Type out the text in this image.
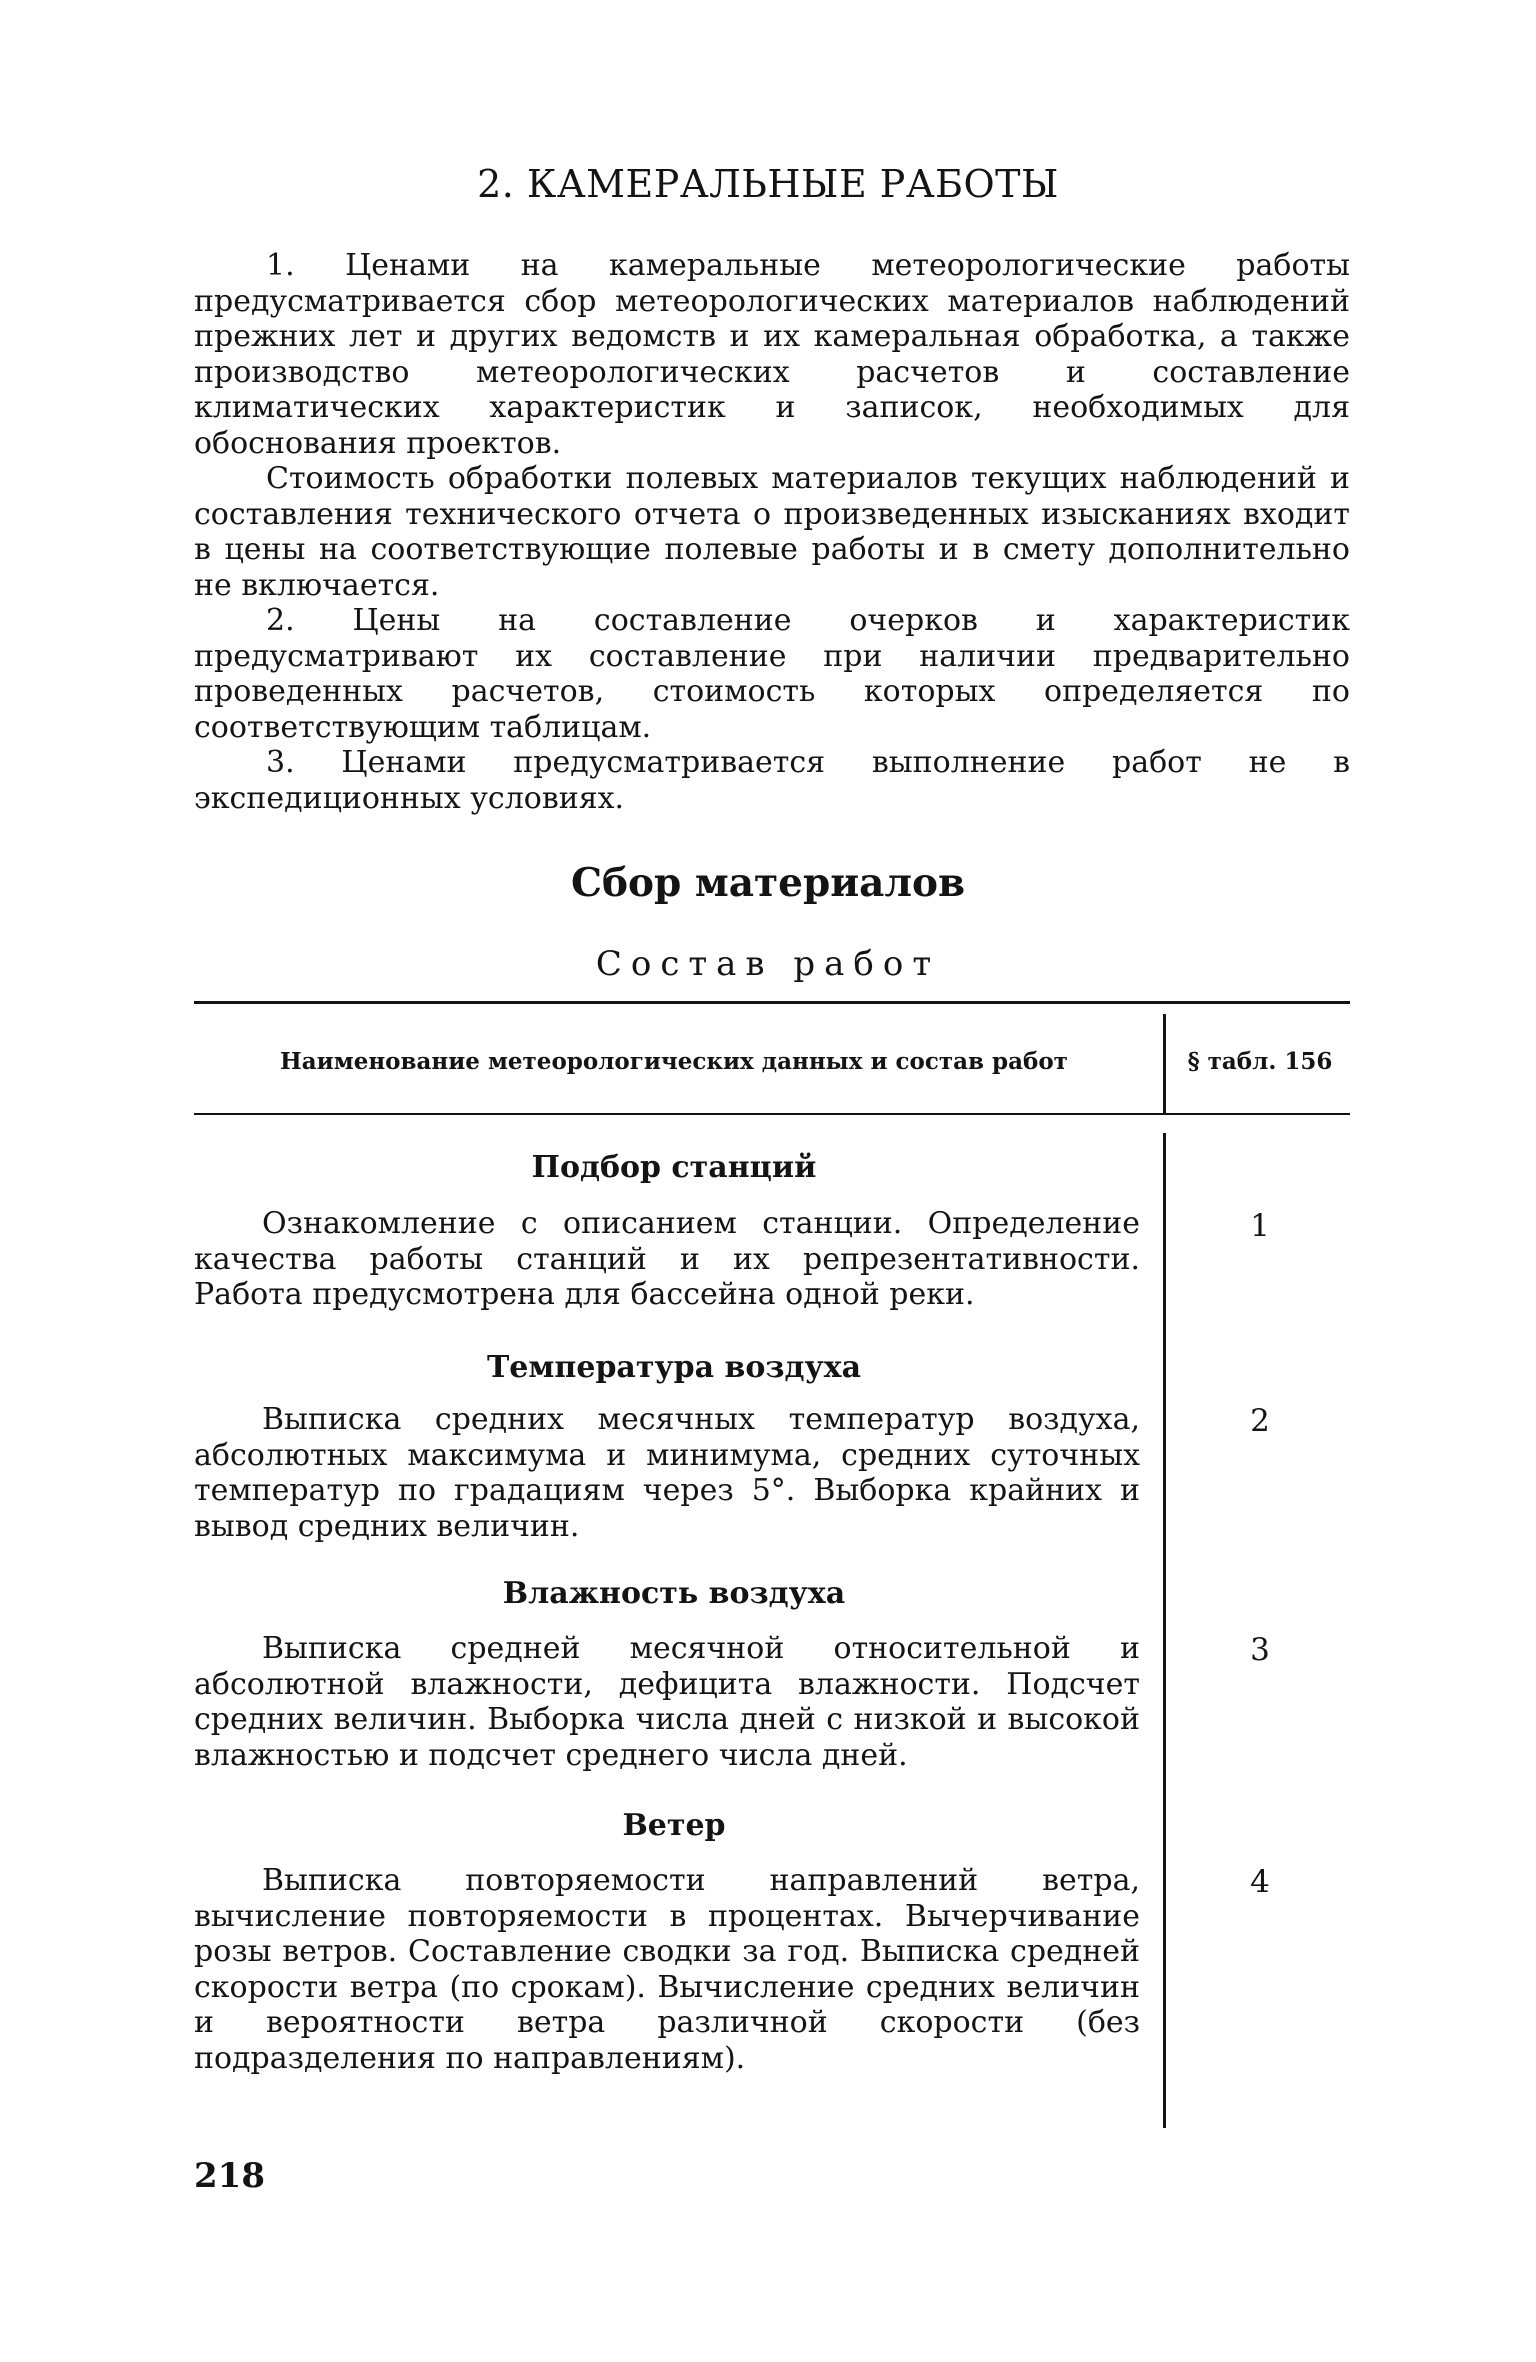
2. КАМЕРАЛЬНЫЕ РАБОТЫ

1. Ценами на камеральные метеорологические работы предусматривается сбор метеорологических материалов наблюдений прежних лет и других ведомств и их камеральная обработка, а также производство метеорологических расчетов и составление климатических характеристик и записок, необходимых для обоснования проектов.

Стоимость обработки полевых материалов текущих наблюдений и составления технического отчета о произведенных изысканиях входит в цены на соответствующие полевые работы и в смету дополнительно не включается.

2. Цены на составление очерков и характеристик предусматривают их составление при наличии предварительно проведенных расчетов, стоимость которых определяется по соответствующим таблицам.

3. Ценами предусматривается выполнение работ не в экспедиционных условиях.

Сбор материалов
Состав работ
Наименование метеорологических данных и состав работ	§ табл. 156
Подбор станций

Ознакомление с описанием станции. Определение качества работы станций и их репрезентативности. Работа предусмотрена для бассейна одной реки.

1
Температура воздуха

Выписка средних месячных температур воздуха, абсолютных максимума и минимума, средних суточных температур по градациям через 5°. Выборка крайних и вывод средних величин.

2
Влажность воздуха

Выписка средней месячной относительной и абсолютной влажности, дефицита влажности. Подсчет средних величин. Выборка числа дней с низкой и высокой влажностью и подсчет среднего числа дней.

3
Ветер

Выписка повторяемости направлений ветра, вычисление повторяемости в процентах. Вычерчивание розы ветров. Составление сводки за год. Выписка средней скорости ветра (по срокам). Вычисление средних величин и вероятности ветра различной скорости (без подразделения по направлениям).

4
218
